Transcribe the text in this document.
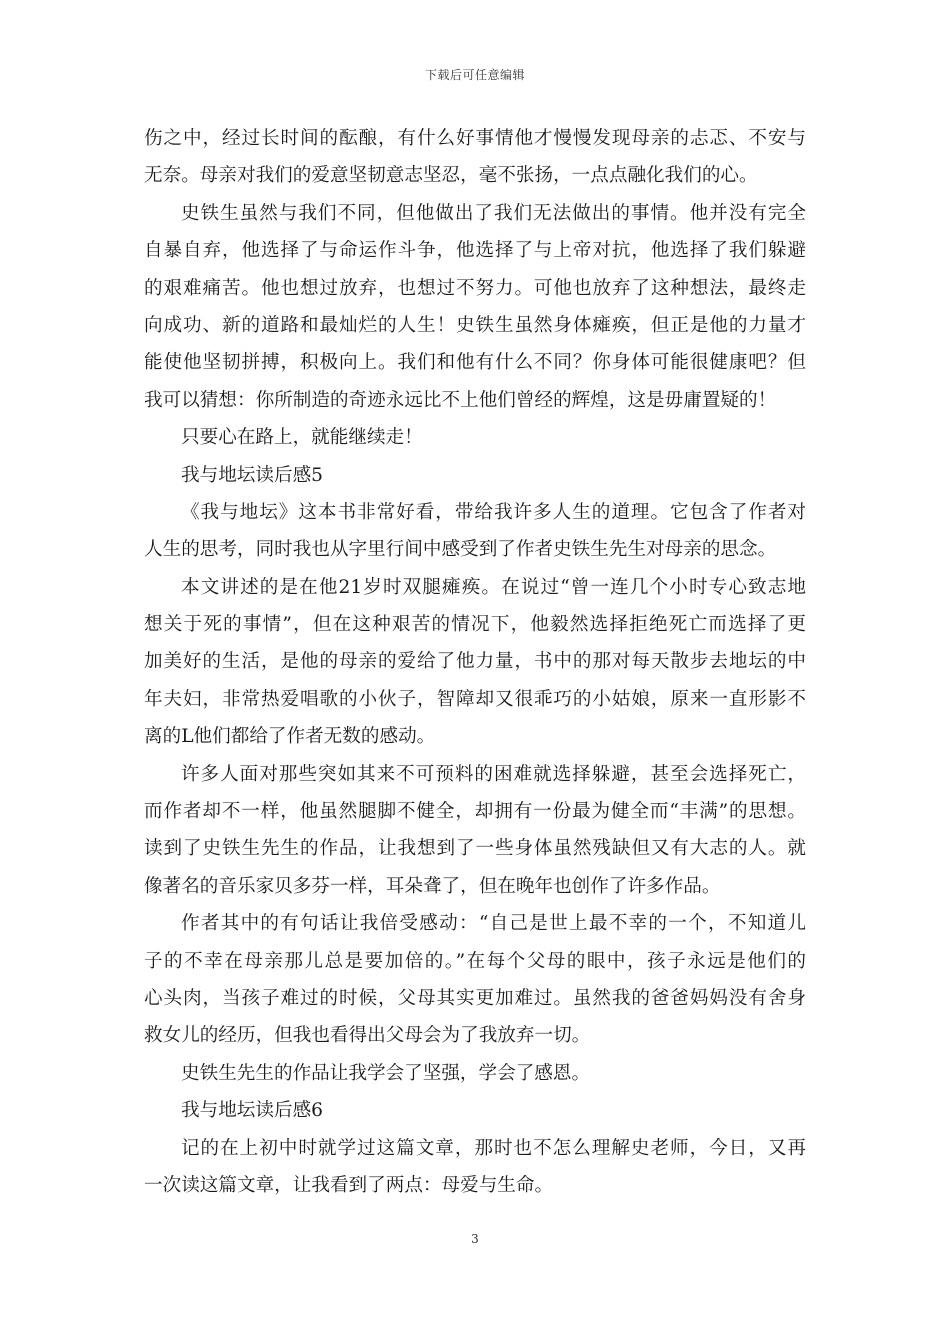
下载后可任意编辑
伤之中，经过长时间的酝酿，有什么好事情他才慢慢发现母亲的忐忑、不安与
无奈。母亲对我们的爱意坚韧意志坚忍，毫不张扬，一点点融化我们的心。
史铁生虽然与我们不同，但他做出了我们无法做出的事情。他并没有完全
自暴自弃，他选择了与命运作斗争，他选择了与上帝对抗，他选择了我们躲避
的艰难痛苦。他也想过放弃，也想过不努力。可他也放弃了这种想法，最终走
向成功、新的道路和最灿烂的人生！史铁生虽然身体瘫痪，但正是他的力量才
能使他坚韧拼搏，积极向上。我们和他有什么不同？你身体可能很健康吧？但
我可以猜想：你所制造的奇迹永远比不上他们曾经的辉煌，这是毋庸置疑的！
只要心在路上，就能继续走！
我与地坛读后感5
《我与地坛》这本书非常好看，带给我许多人生的道理。它包含了作者对
人生的思考，同时我也从字里行间中感受到了作者史铁生先生对母亲的思念。
本文讲述的是在他21岁时双腿瘫痪。在说过“曾一连几个小时专心致志地
想关于死的事情”，但在这种艰苦的情况下，他毅然选择拒绝死亡而选择了更
加美好的生活，是他的母亲的爱给了他力量，书中的那对每天散步去地坛的中
年夫妇，非常热爱唱歌的小伙子，智障却又很乖巧的小姑娘，原来一直形影不
离的L他们都给了作者无数的感动。
许多人面对那些突如其来不可预料的困难就选择躲避，甚至会选择死亡，
而作者却不一样，他虽然腿脚不健全，却拥有一份最为健全而“丰满”的思想。
读到了史铁生先生的作品，让我想到了一些身体虽然残缺但又有大志的人。就
像著名的音乐家贝多芬一样，耳朵聋了，但在晚年也创作了许多作品。
作者其中的有句话让我倍受感动：“自己是世上最不幸的一个，不知道儿
子的不幸在母亲那儿总是要加倍的。”在每个父母的眼中，孩子永远是他们的
心头肉，当孩子难过的时候，父母其实更加难过。虽然我的爸爸妈妈没有舍身
救女儿的经历，但我也看得出父母会为了我放弃一切。
史铁生先生的作品让我学会了坚强，学会了感恩。
我与地坛读后感6
记的在上初中时就学过这篇文章，那时也不怎么理解史老师，今日，又再
一次读这篇文章，让我看到了两点：母爱与生命。
3
